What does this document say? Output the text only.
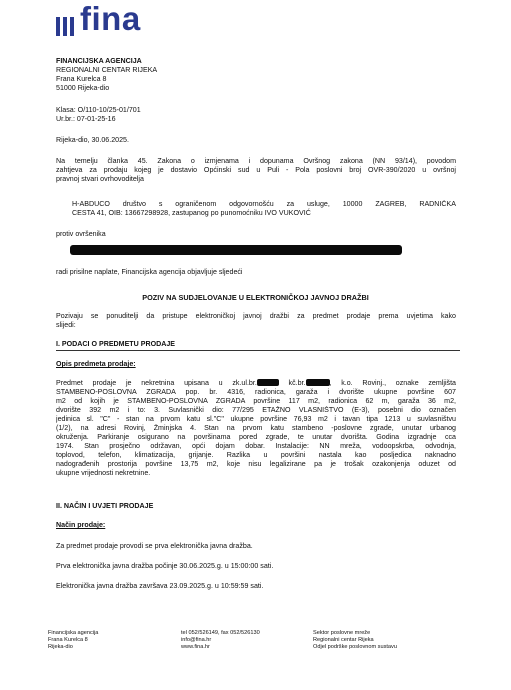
fina
FINANCIJSKA AGENCIJA
REGIONALNI CENTAR RIJEKA
Frana Kurelca 8
51000 Rijeka-dio
Klasa: O/110-10/25-01/701
Ur.br.: 07-01-25-16
Rijeka-dio, 30.06.2025.
Na temelju članka 45. Zakona o izmjenama i dopunama Ovršnog zakona (NN 93/14), povodom
zahtjeva za prodaju kojeg je dostavio Općinski sud u Puli - Pola poslovni broj OVR-390/2020 u ovršnoj
pravnoj stvari ovrhovoditelja
H-ABDUCO društvo s ograničenom odgovornošću za usluge, 10000 ZAGREB, RADNIČKA
CESTA 41, OIB: 13667298928, zastupanog po punomoćniku IVO VUKOVIĆ
protiv ovršenika
radi prisilne naplate, Financijska agencija objavljuje sljedeći
POZIV NA SUDJELOVANJE U ELEKTRONIČKOJ JAVNOJ DRAŽBI
Pozivaju se ponuditelji da pristupe elektroničkoj javnoj dražbi za predmet prodaje prema uvjetima kako
slijedi:
I. PODACI O PREDMETU PRODAJE
Opis predmeta prodaje:
Predmet prodaje je nekretnina upisana u zk.ul.br.	kč.br.	, k.o. Rovinj., oznake zemljišta
STAMBENO-POSLOVNA ZGRADA pop. br. 4316, radionica, garaža i dvorište ukupne površine 607
m2 od kojih je STAMBENO-POSLOVNA ZGRADA površine 117 m2, radionica 62 m, garaža 36 m2,
dvorište 392 m2 i to: 3. Suvlasnički dio: 77/295 ETAŽNO VLASNIŠTVO (E-3), posebni dio označen
jedinica sl. "C" - stan na prvom katu sl."C" ukupne površine 76,93 m2 i tavan tipa 1213 u suvlasništvu
(1/2), na adresi Rovinj, Žminjska 4. Stan na prvom katu stambeno -poslovne zgrade, unutar urbanog
okruženja. Parkiranje osigurano na površinama pored zgrade, te unutar dvorišta. Godina izgradnje cca
1974. Stan prosječno održavan, opći dojam dobar. Instalacije: NN mreža, vodoopskrba, odvodnja,
toplovod, telefon, klimatizacija, grijanje. Razlika u površini nastala kao posljedica naknadno
nadograđenih prostorija površine 13,75 m2, koje nisu legalizirane pa je trošak ozakonjenja oduzet od
ukupne vrijednosti nekretnine.
II. NAČIN I UVJETI PRODAJE
Način prodaje:
Za predmet prodaje provodi se prva elektronička javna dražba.
Prva elektronička javna dražba počinje 30.06.2025.g. u 15:00:00 sati.
Elektronička javna dražba završava 23.09.2025.g. u 10:59:59 sati.
Financijska agencija
Frana Kurelca 8
Rijeka-dio
tel 052/526149, fax 052/526130
info@fina.hr
www.fina.hr
Sektor poslovne mreže
Regionalni centar Rijeka
Odjel podrške poslovnom sustavu
